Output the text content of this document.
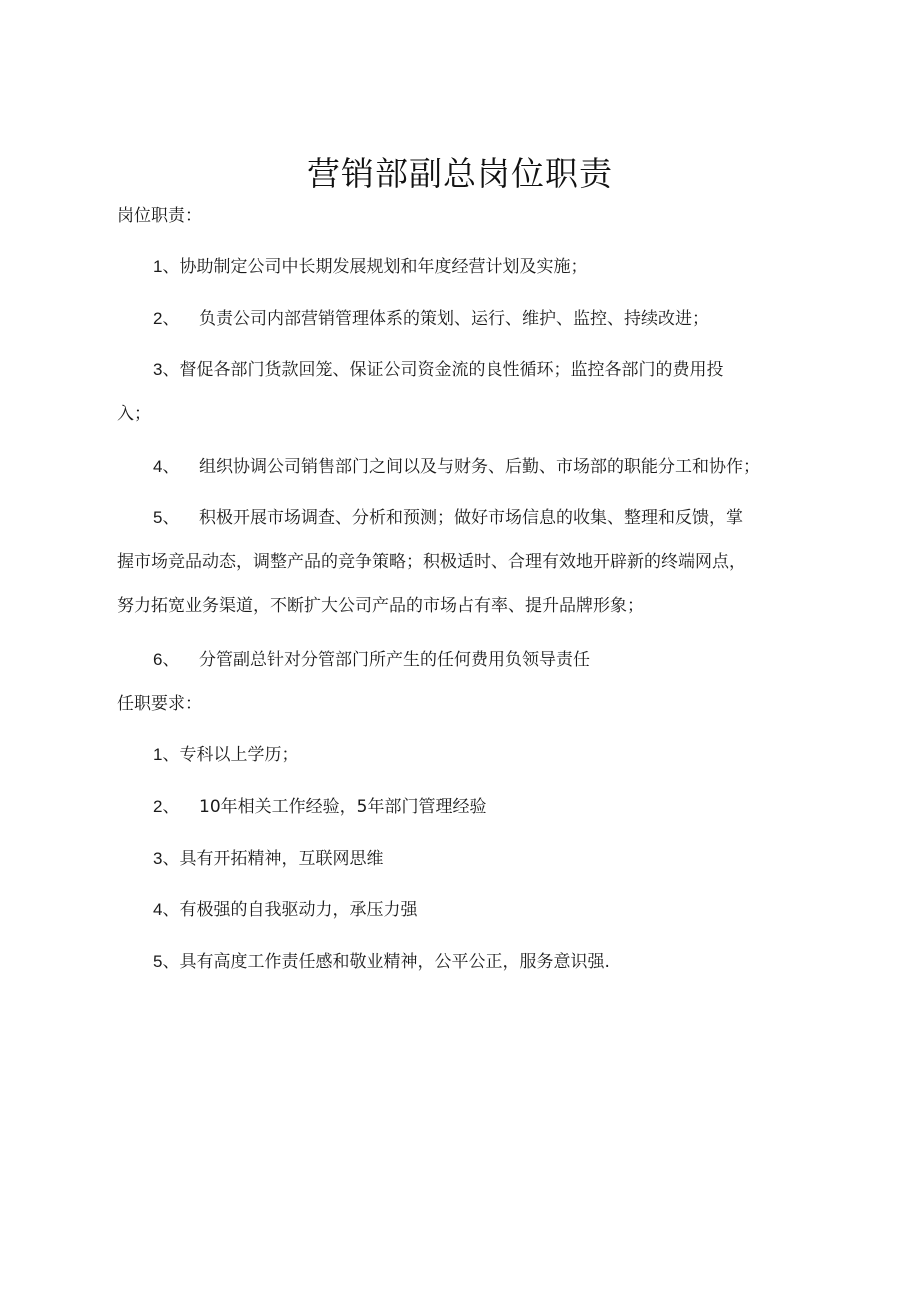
营销部副总岗位职责
岗位职责：
1、协助制定公司中长期发展规划和年度经营计划及实施；
2、 负责公司内部营销管理体系的策划、运行、维护、监控、持续改进；
3、督促各部门货款回笼、保证公司资金流的良性循环；监控各部门的费用投
入；
4、 组织协调公司销售部门之间以及与财务、后勤、市场部的职能分工和协作；
5、 积极开展市场调查、分析和预测；做好市场信息的收集、整理和反馈，掌
握市场竞品动态，调整产品的竞争策略；积极适时、合理有效地开辟新的终端网点，
努力拓宽业务渠道，不断扩大公司产品的市场占有率、提升品牌形象；
6、 分管副总针对分管部门所产生的任何费用负领导责任
任职要求：
1、专科以上学历；
2、 10年相关工作经验，5年部门管理经验
3、具有开拓精神，互联网思维
4、有极强的自我驱动力，承压力强
5、具有高度工作责任感和敬业精神，公平公正，服务意识强.
